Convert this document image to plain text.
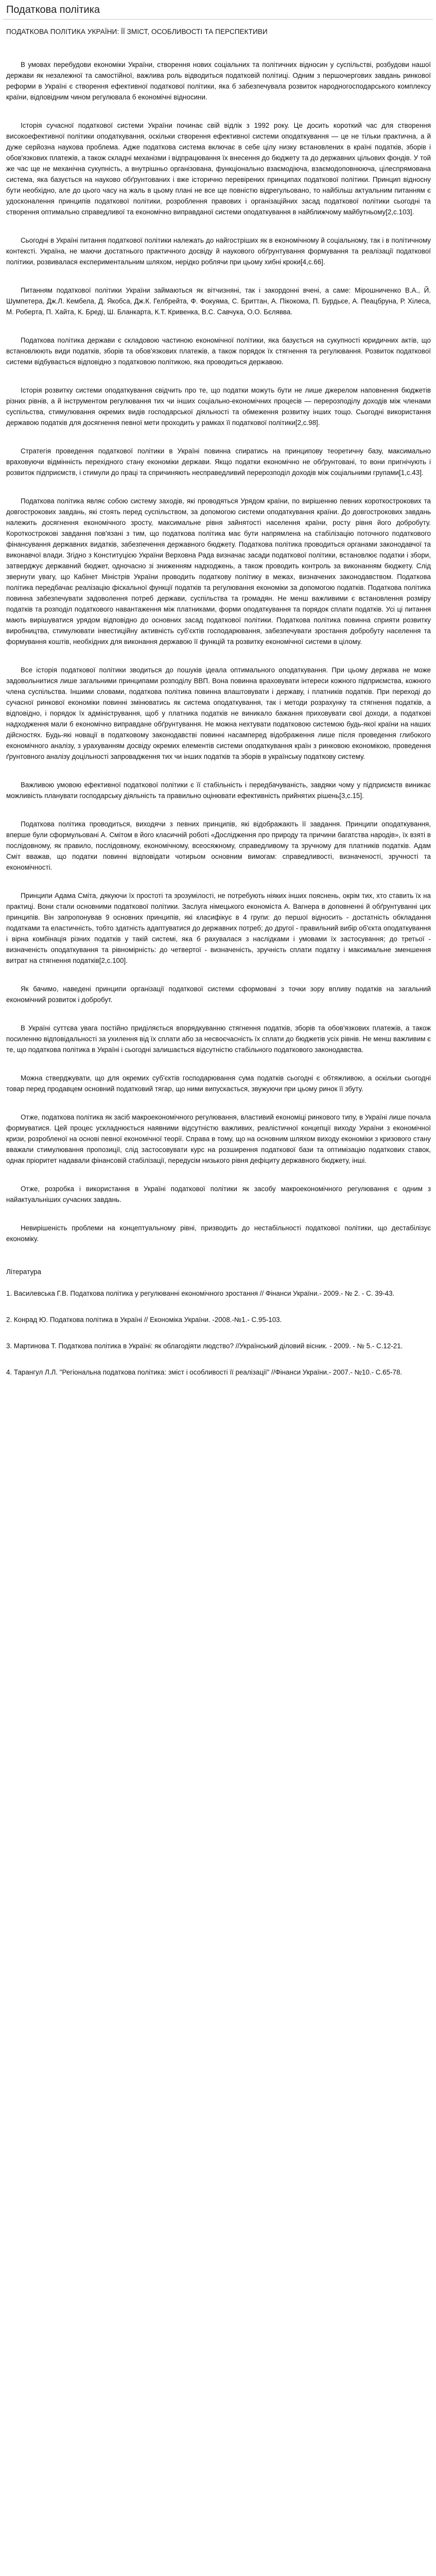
Податкова політика
ПОДАТКОВА ПОЛІТИКА УКРАЇНИ: ЇЇ ЗМІСТ, ОСОБЛИВОСТІ ТА ПЕРСПЕКТИВИ

В умовах перебудови економіки України, створення нових соціальних та політичних відносин у суспільстві, розбудови нашої держави як незалежної та самостійної, важлива роль відводиться податковій політиці. Одним з першочергових завдань ринкової реформи в Україні є створення ефективної податкової політики, яка б забезпечувала розвиток народногосподарського комплексу країни, відповідним чином регулювала б економічні відносини.

Історія сучасної податкової системи України починає свій відлік з 1992 року. Це досить короткий час для створення високоефективної політики оподаткування, оскільки створення ефективної системи оподаткування — це не тільки практична, а й дуже серйозна наукова проблема. Адже податкова система включає в себе цілу низку встановлених в країні податків, зборів і обов'язкових платежів, а також складні механізми і відпрацювання їх внесення до бюджету та до державних цільових фондів. У той же час ще не механічна сукупність, а внутрішньо організована, функціонально взаємодіюча, взаємодоповнююча, цілеспрямована система, яка базується на науково обґрунтованих і вже історично перевірених принципах податкової політики. Принцип відносну бути необхідно, але до цього часу на жаль в цьому плані не все ще повністю відрегульовано, то найбільш актуальним питанням є удосконалення принципів податкової політики, розроблення правових і організаційних засад податкової політики сьогодні та створення оптимально справедливої та економічно виправданої системи оподаткування в найближчому майбутньому[2,с.103].

Сьогодні в Україні питання податкової політики належать до найгостріших як в економічному й соціальному, так і в політичному контексті. Україна, не маючи достатнього практичного досвіду й наукового обґрунтування формування та реалізації податкової політики, розвивалася експериментальним шляхом, нерідко роблячи при цьому хибні кроки[4,с.66].

Питанням податкової політики України займаються як вітчизняні, так і закордонні вчені, а саме: Мірошниченко В.А., Й. Шумпетера, Дж.Л. Кембела, Д. Якобса, Дж.К. Гелбрейта, Ф. Фокуяма, С. Бриттан, А. Пікокома, П. Бурдьєе, А. Пеацбруна, Р. Хілеса, М. Роберта, П. Хайта, К. Бреді, Ш. Бланкарта, К.Т. Кривенка, В.С. Савчука, О.О. Бєлявва.

Податкова політика держави є складовою частиною економічної політики, яка базується на сукупності юридичних актів, що встановлюють види податків, зборів та обов'язкових платежів, а також порядок їх стягнення та регулювання. Розвиток податкової системи відбувається відповідно з податковою політикою, яка проводиться державою.

Історія розвитку системи оподаткування свідчить про те, що податки можуть бути не лише джерелом наповнення бюджетів різних рівнів, а й інструментом регулювання тих чи інших соціально-економічних процесів — перерозподілу доходів між членами суспільства, стимулювання окремих видів господарської діяльності та обмеження розвитку інших тощо. Сьогодні використання державою податків для досягнення певної мети проходить у рамках її податкової політики[2,с.98].

Стратегія проведення податкової політики в Україні повинна спиратись на принципову теоретичну базу, максимально враховуючи відмінність перехідного стану економіки держави. Якщо податки економічно не обґрунтовані, то вони пригнічують і розвиток підприємств, і стимули до праці та спричиняють несправедливий перерозподіл доходів між соціальними групами[1,с.43].

Податкова політика являє собою систему заходів, які проводяться Урядом країни, по вирішенню певних короткострокових та довгострокових завдань, які стоять перед суспільством, за допомогою системи оподаткування країни. До довгострокових завдань належить досягнення економічного зросту, максимальне рівня зайнятості населення країни, росту рівня його добробуту. Короткострокові завдання пов'язані з тим, що податкова політика має бути напрямлена на стабілізацію поточного податкового фінансування державних видатків, забезпечення державного бюджету. Податкова політика проводиться органами законодавчої та виконавчої влади. Згідно з Конституцією України Верховна Рада визначає засади податкової політики, встановлює податки і збори, затверджує державний бюджет, одночасно зі зниженням надходжень, а також проводить контроль за виконанням бюджету. Слід звернути увагу, що Кабінет Міністрів України проводить податкову політику в межах, визначених законодавством. Податкова політика передбачає реалізацію фіскальної функції податків та регулювання економіки за допомогою податків. Податкова політика повинна забезпечувати задоволення потреб держави, суспільства та громадян. Не менш важливими є встановлення розміру податків та розподіл податкового навантаження між платниками, форми оподаткування та порядок сплати податків. Усі ці питання мають вирішуватися урядом відповідно до основних засад податкової політики. Податкова політика повинна сприяти розвитку виробництва, стимулювати інвестиційну активність суб'єктів господарювання, забезпечувати зростання добробуту населення та формування коштів, необхідних для виконання державою її функцій та розвитку економічної системи в цілому.

Все історія податкової політики зводиться до пошуків ідеала оптимального оподаткування. При цьому держава не може задовольнитися лише загальними принципами розподілу ВВП. Вона повинна враховувати інтереси кожного підприємства, кожного члена суспільства. Іншими словами, податкова політика повинна влаштовувати і державу, і платників податків. При переході до сучасної ринкової економіки повинні змінюватись як система оподаткування, так і методи розрахунку та стягнення податків, а відповідно, і порядок їх адміністрування, щоб у платника податків не виникало бажання приховувати свої доходи, а податкові надходження мали б економічно виправдане обґрунтування. Не можна нехтувати податковою системою будь-якої країни на наших дійсностях. Будь-які новації в податковому законодавстві повинні насамперед відображення лише після проведення глибокого економічного аналізу, з урахуванням досвіду окремих елементів системи оподаткування країн з ринковою економікою, проведення ґрунтовного аналізу доцільності запровадження тих чи інших податків та зборів в українську податкову систему.

Важливою умовою ефективної податкової політики є її стабільність і передбачуваність, завдяки чому у підприємств виникає можливість планувати господарську діяльність та правильно оцінювати ефективність прийнятих рішень[3,с.15].

Податкова політика проводиться, виходячи з певних принципів, які відображають її завдання. Принципи оподаткування, вперше були сформульовані А. Смітом в його класичній роботі «Дослідження про природу та причини багатства народів», їх взяті в послідовному, як правило, послідовному, економічному, всеосяжному, справедливому та зручному для платників податків. Адам Сміт вважав, що податки повинні відповідати чотирьом основним вимогам: справедливості, визначеності, зручності та економічності.

Принципи Адама Сміта, дякуючи їх простоті та зрозумілості, не потребують ніяких інших пояснень, окрім тих, хто ставить їх на практиці. Вони стали основними податкової політики. Заслуга німецького економіста А. Вагнера в доповненні й обґрунтуванні цих принципів. Він запропонував 9 основних принципів, які класифікує в 4 групи: до першої відносить - достатність обкладання податками та еластичність, тобто здатність адаптуватися до державних потреб; до другої - правильний вибір об'єкта оподаткування і вірна комбінація різних податків у такій системі, яка б рахувалася з наслідками і умовами їх застосування; до третьої - визначеність оподаткування та рівномірність: до четвертої - визначеність, зручність сплати податку і максимальне зменшення витрат на стягнення податків[2,с.100].

Як бачимо, наведені принципи організації податкової системи сформовані з точки зору впливу податків на загальний економічний розвиток і добробут.

В Україні суттєва увага постійно приділяється впорядкуванню стягнення податків, зборів та обов'язкових платежів, а також посиленню відповідальності за ухилення від їх сплати або за несвоєчасність їх сплати до бюджетів усіх рівнів. Не менш важливим є те, що податкова політика в Україні і сьогодні залишається відсутністю стабільного податкового законодавства.

Можна стверджувати, що для окремих суб'єктів господарювання сума податків сьогодні є обтяжливою, а оскільки сьогодні товар перед продавцем основний податковий тягар, що ними випускається, звужуючи при цьому ринок її збуту.

Отже, податкова політика як засіб макроекономічного регулювання, властивий економіці ринкового типу, в Україні лише почала формуватися. Цей процес ускладнюється наявними відсутністю важливих, реалістичної концепції виходу України з економічної кризи, розробленої на основі певної економічної теорії. Справа в тому, що на основним шляхом виходу економіки з кризового стану вважали стимулювання пропозиції, слід застосовувати курс на розширення податкової бази та оптимізацію податкових ставок, однак пріоритет надавали фінансовій стабілізації, передусім низького рівня дефіциту державного бюджету, інші.

Отже, розробка і використання в Україні податкової політики як засобу макроекономічного регулювання є одним з найактуальніших сучасних завдань.

Невирішеність проблеми на концептуальному рівні, призводить до нестабільності податкової політики, що дестабілізує економіку.

Література
1. Василевська Г.В. Податкова політика у регулюванні економічного зростання // Фінанси України.- 2009.- № 2. - С. 39-43.
2. Конрад Ю. Податкова політика в Україні // Економіка України. -2008.-№1.- С.95-103.
3. Мартинова Т. Податкова політика в Україні: як облагодіяти людство? //Український діловий вісник. - 2009. - № 5.- С.12-21.
4. Тарангул Л.Л. "Регіональна податкова політика: зміст і особливості її реалізації" //Фінанси України.- 2007.- №10.- С.65-78.
